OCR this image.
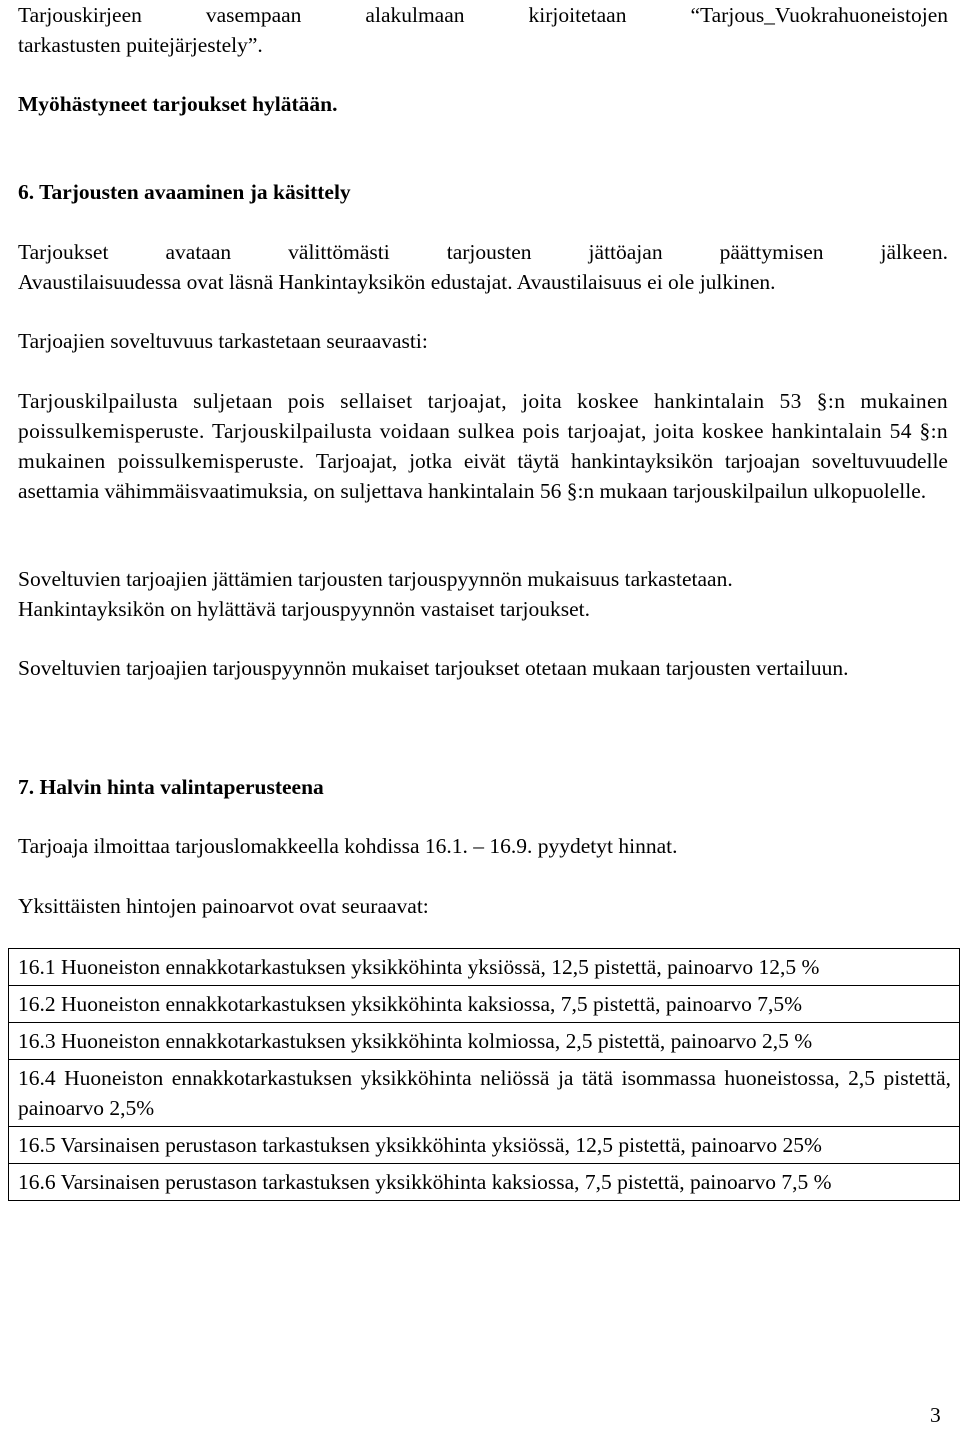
Tarjouskirjeen vasempaan alakulmaan kirjoitetaan “Tarjous_Vuokrahuoneistojen

tarkastusten puitejärjestely”.

Myöhästyneet tarjoukset hylätään.

6. Tarjousten avaaminen ja käsittely

Tarjoukset avataan välittömästi tarjousten jättöajan päättymisen jälkeen.

Avaustilaisuudessa ovat läsnä Hankintayksikön edustajat. Avaustilaisuus ei ole julkinen.

Tarjoajien soveltuvuus tarkastetaan seuraavasti:

Tarjouskilpailusta suljetaan pois sellaiset tarjoajat, joita koskee hankintalain 53 §:n mukainen poissulkemisperuste. Tarjouskilpailusta voidaan sulkea pois tarjoajat, joita koskee hankintalain 54 §:n mukainen poissulkemisperuste. Tarjoajat, jotka eivät täytä hankintayksikön tarjoajan soveltuvuudelle asettamia vähimmäisvaatimuksia, on suljettava hankintalain 56 §:n mukaan tarjouskilpailun ulkopuolelle.

Soveltuvien tarjoajien jättämien tarjousten tarjouspyynnön mukaisuus tarkastetaan.

Hankintayksikön on hylättävä tarjouspyynnön vastaiset tarjoukset.

Soveltuvien tarjoajien tarjouspyynnön mukaiset tarjoukset otetaan mukaan tarjousten vertailuun.

7. Halvin hinta valintaperusteena

Tarjoaja ilmoittaa tarjouslomakkeella kohdissa 16.1. – 16.9. pyydetyt hinnat.

Yksittäisten hintojen painoarvot ovat seuraavat:

16.1 Huoneiston ennakkotarkastuksen yksikköhinta yksiössä, 12,5 pistettä, painoarvo 12,5 %
16.2 Huoneiston ennakkotarkastuksen yksikköhinta kaksiossa, 7,5 pistettä, painoarvo 7,5%
16.3 Huoneiston ennakkotarkastuksen yksikköhinta kolmiossa, 2,5 pistettä, painoarvo 2,5 %
16.4 Huoneiston ennakkotarkastuksen yksikköhinta neliössä ja tätä isommassa huoneistossa, 2,5 pistettä, painoarvo 2,5%
16.5 Varsinaisen perustason tarkastuksen yksikköhinta yksiössä, 12,5 pistettä, painoarvo 25%
16.6 Varsinaisen perustason tarkastuksen yksikköhinta kaksiossa, 7,5 pistettä, painoarvo 7,5 %
3
